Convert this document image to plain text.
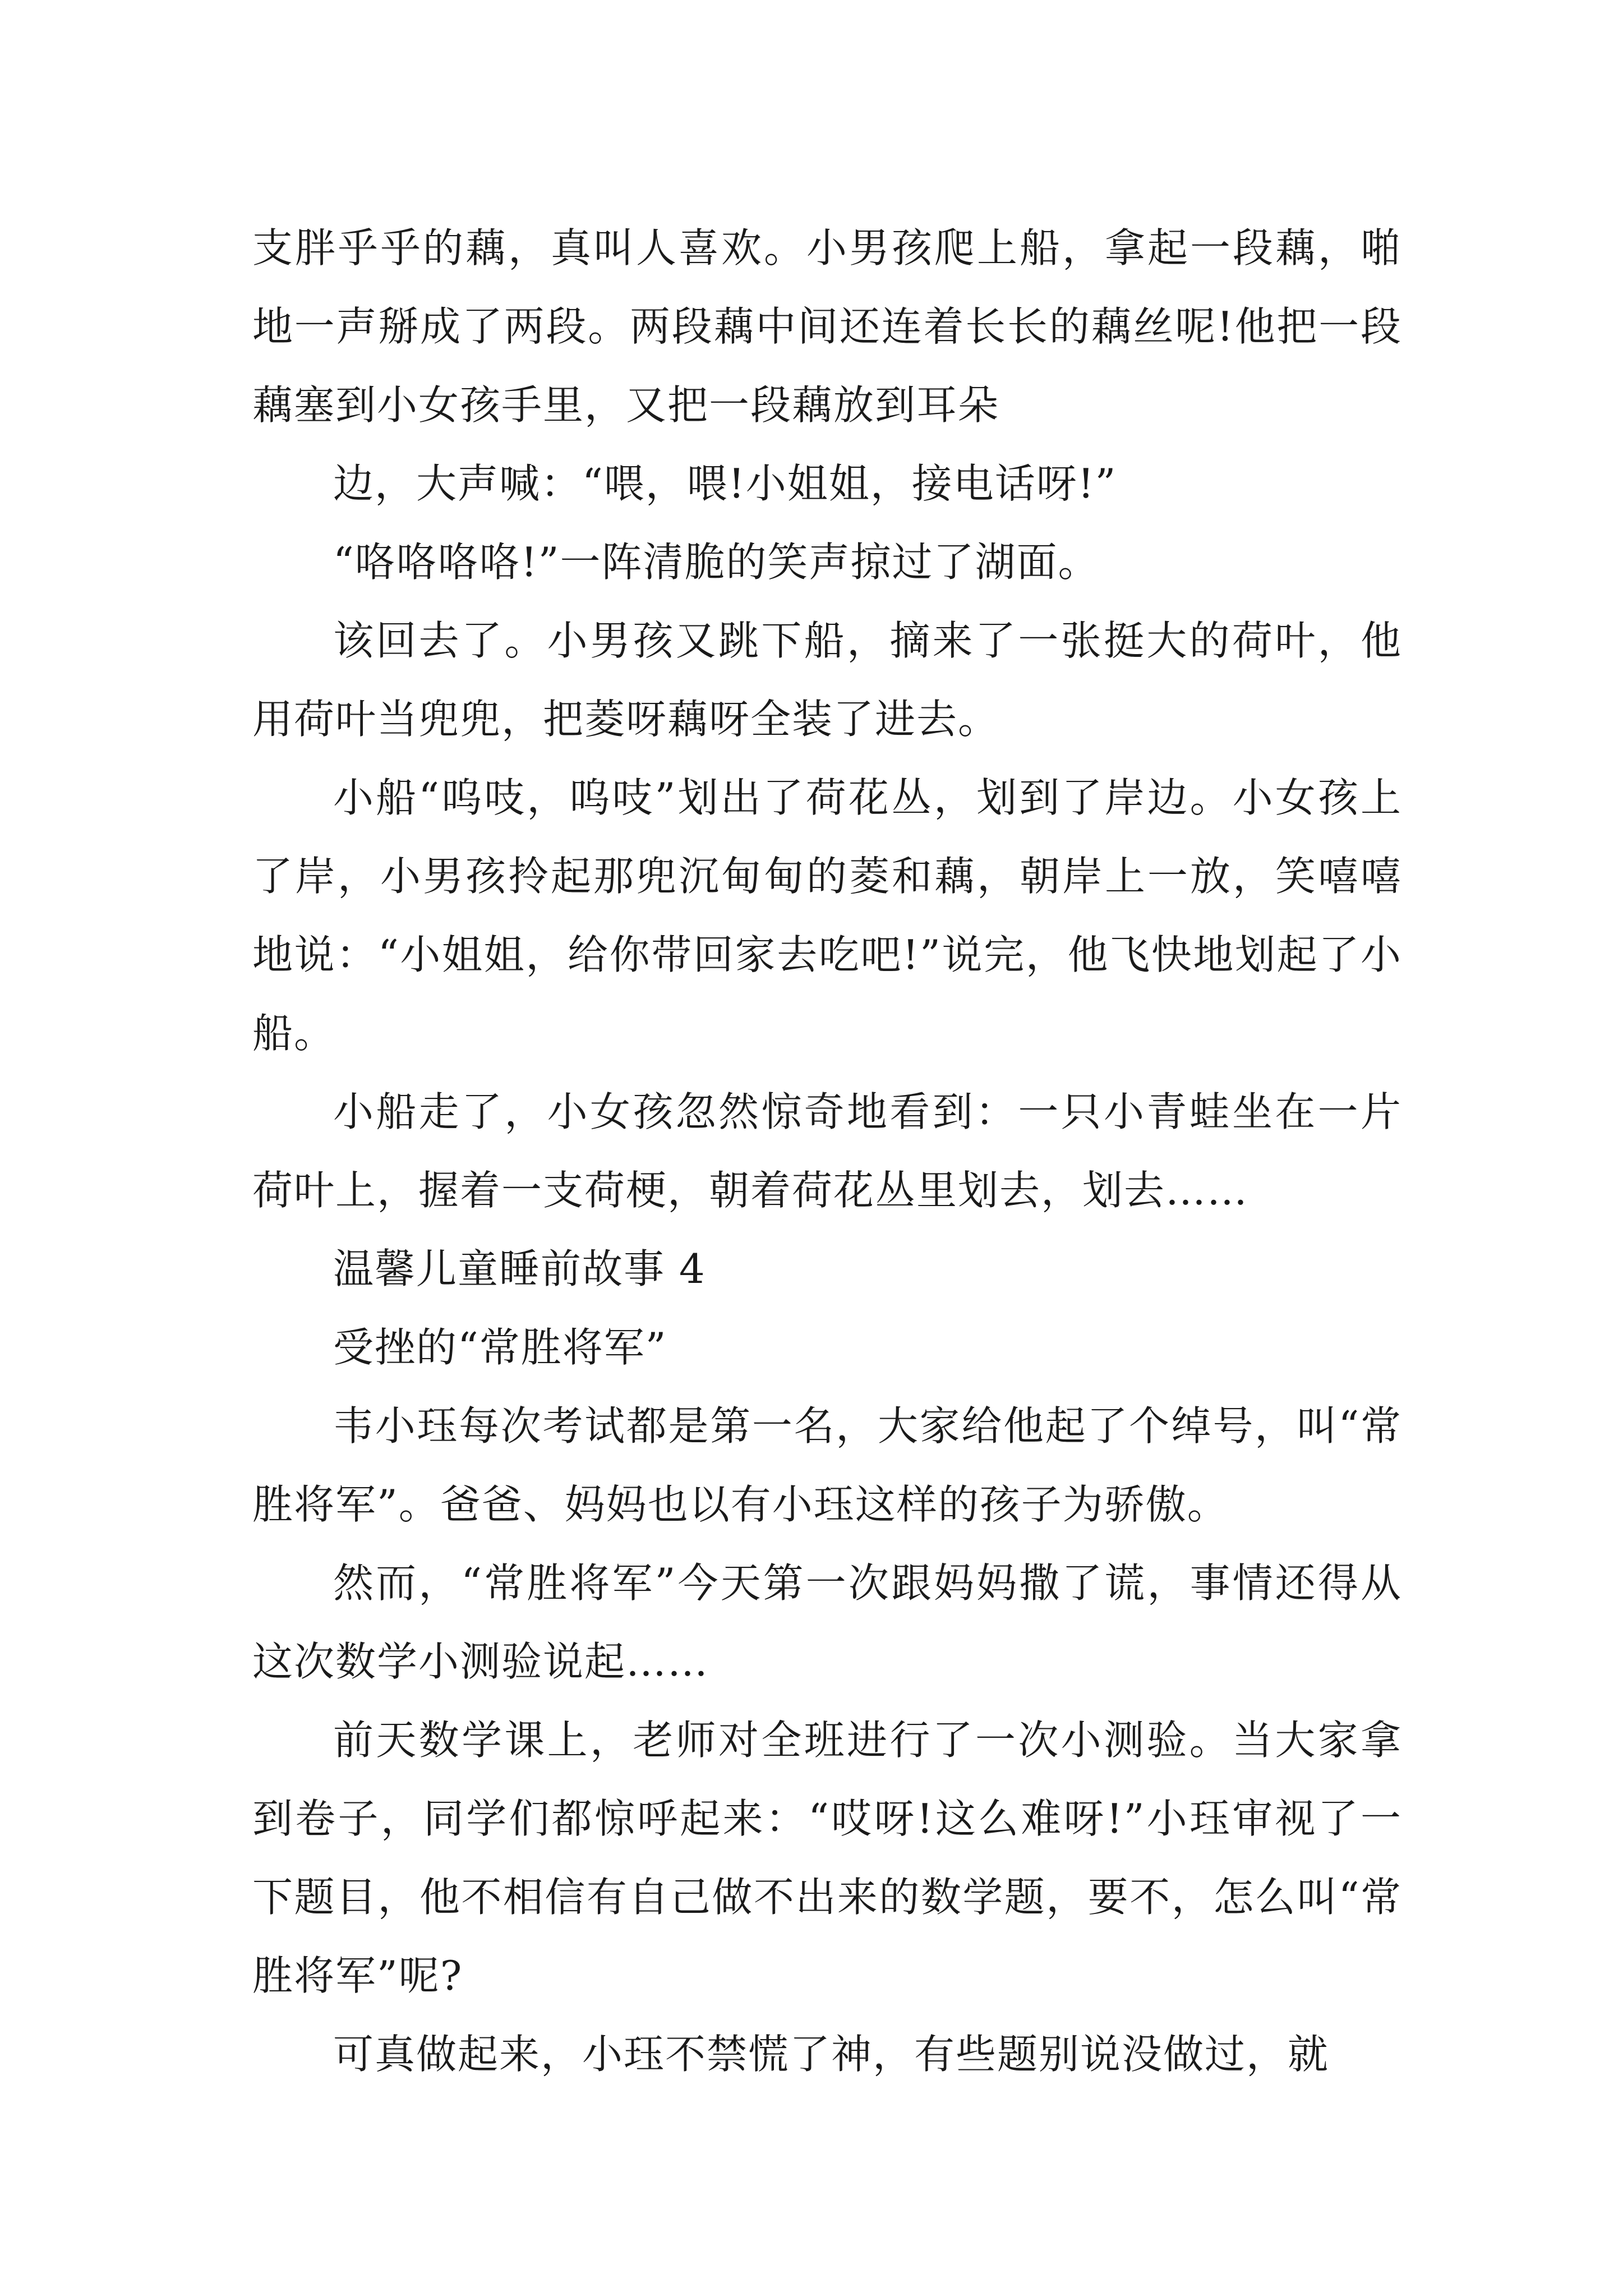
支胖乎乎的藕，真叫人喜欢。小男孩爬上船，拿起一段藕，啪地一声掰成了两段。两段藕中间还连着长长的藕丝呢!他把一段藕塞到小女孩手里，又把一段藕放到耳朵

边，大声喊：“喂，喂!小姐姐，接电话呀!”

“咯咯咯咯!”一阵清脆的笑声掠过了湖面。

该回去了。小男孩又跳下船，摘来了一张挺大的荷叶，他用荷叶当兜兜，把菱呀藕呀全装了进去。

小船“呜吱，呜吱”划出了荷花丛，划到了岸边。小女孩上了岸，小男孩拎起那兜沉甸甸的菱和藕，朝岸上一放，笑嘻嘻地说：“小姐姐，给你带回家去吃吧!”说完，他飞快地划起了小船。

小船走了，小女孩忽然惊奇地看到：一只小青蛙坐在一片荷叶上，握着一支荷梗，朝着荷花丛里划去，划去……

温馨儿童睡前故事 4

受挫的“常胜将军”

韦小珏每次考试都是第一名，大家给他起了个绰号，叫“常胜将军”。爸爸、妈妈也以有小珏这样的孩子为骄傲。

然而，“常胜将军”今天第一次跟妈妈撒了谎，事情还得从这次数学小测验说起……

前天数学课上，老师对全班进行了一次小测验。当大家拿到卷子，同学们都惊呼起来：“哎呀!这么难呀!”小珏审视了一下题目，他不相信有自己做不出来的数学题，要不，怎么叫“常胜将军”呢?

可真做起来，小珏不禁慌了神，有些题别说没做过，就
